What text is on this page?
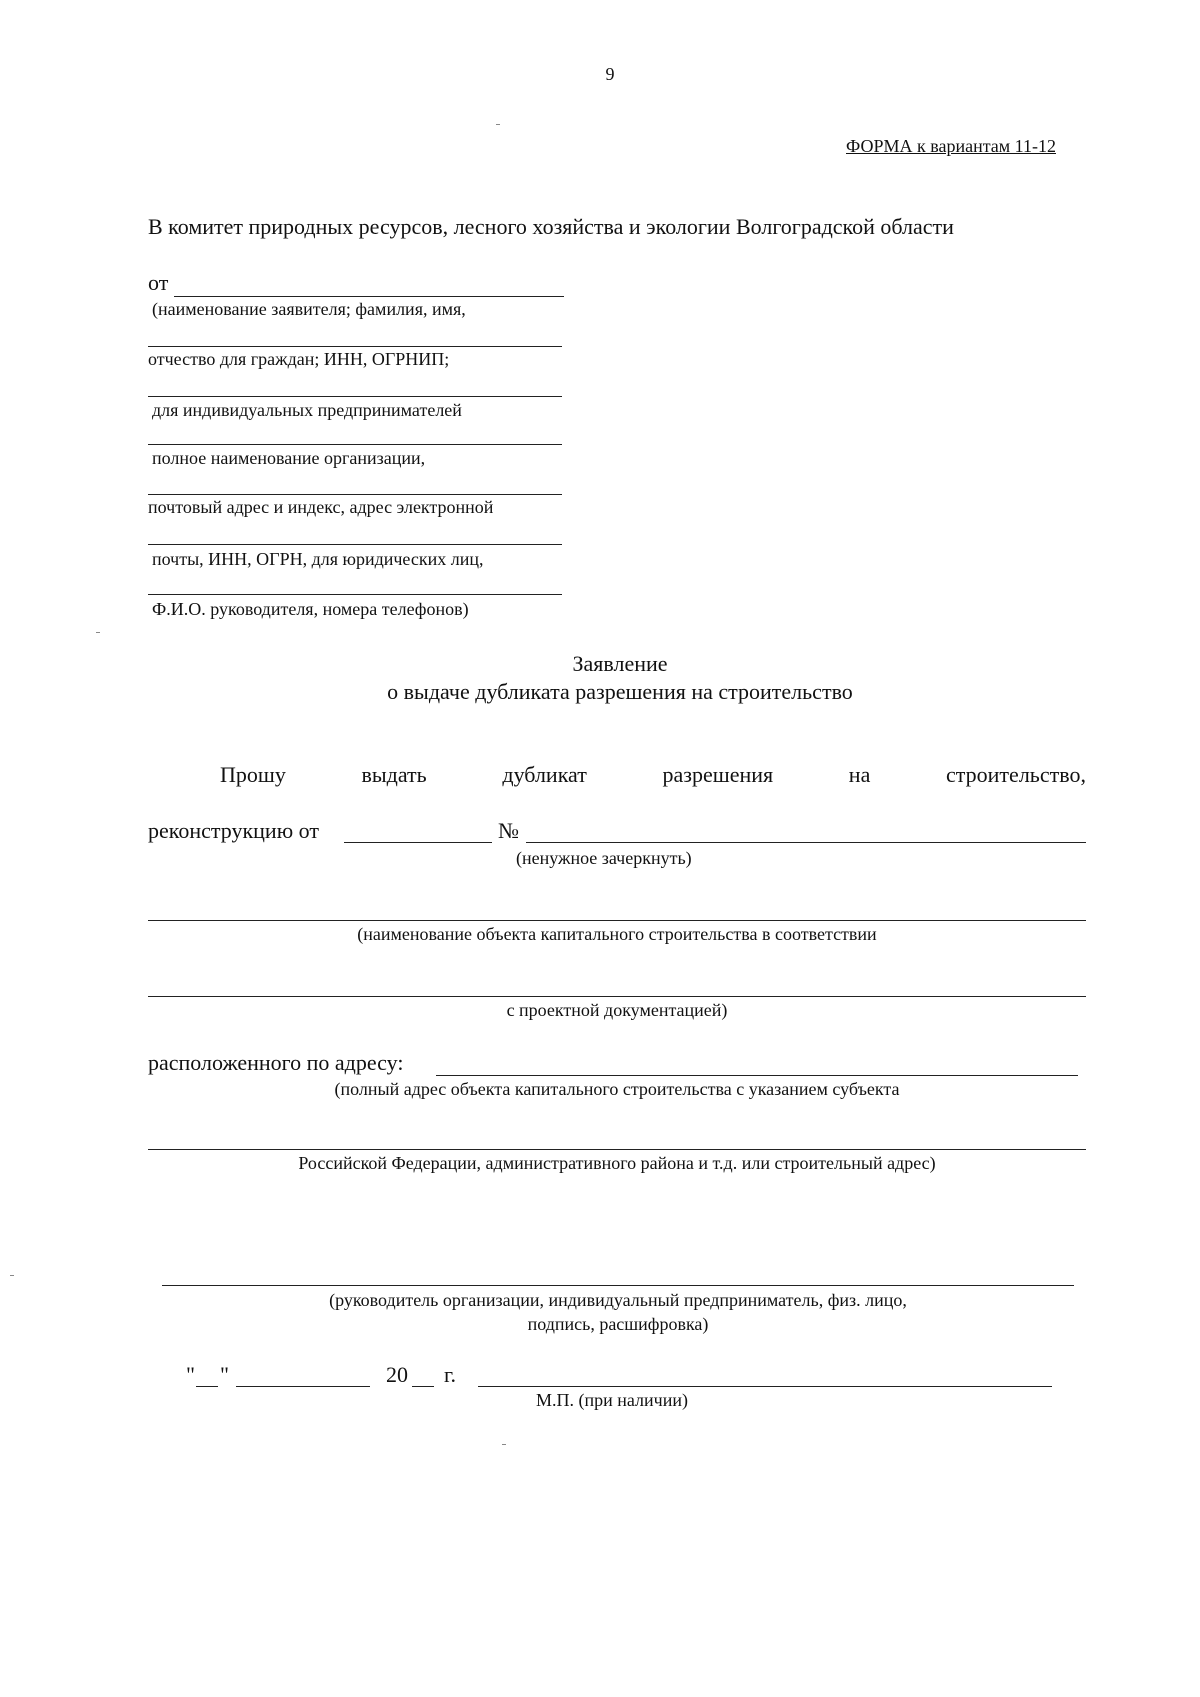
9
ФОРМА к вариантам 11-12
В комитет природных ресурсов, лесного хозяйства и экологии Волгоградской области
от
(наименование заявителя; фамилия, имя,
отчество для граждан; ИНН, ОГРНИП;
для индивидуальных предпринимателей
полное наименование организации,
почтовый адрес и индекс, адрес электронной
почты, ИНН, ОГРН, для юридических лиц,
Ф.И.О. руководителя, номера телефонов)
Заявление
о выдаче дубликата разрешения на строительство
Прошу	выдать	дубликат	разрешения	на	строительство,
реконструкцию от	№
(ненужное зачеркнуть)
(наименование объекта капитального строительства в соответствии
с проектной документацией)
расположенного по адресу:
(полный адрес объекта капитального строительства с указанием субъекта
Российской Федерации, административного района и т.д. или строительный адрес)
(руководитель организации, индивидуальный предприниматель, физ. лицо,
подпись, расшифровка)
" "	20 г.
М.П. (при наличии)
